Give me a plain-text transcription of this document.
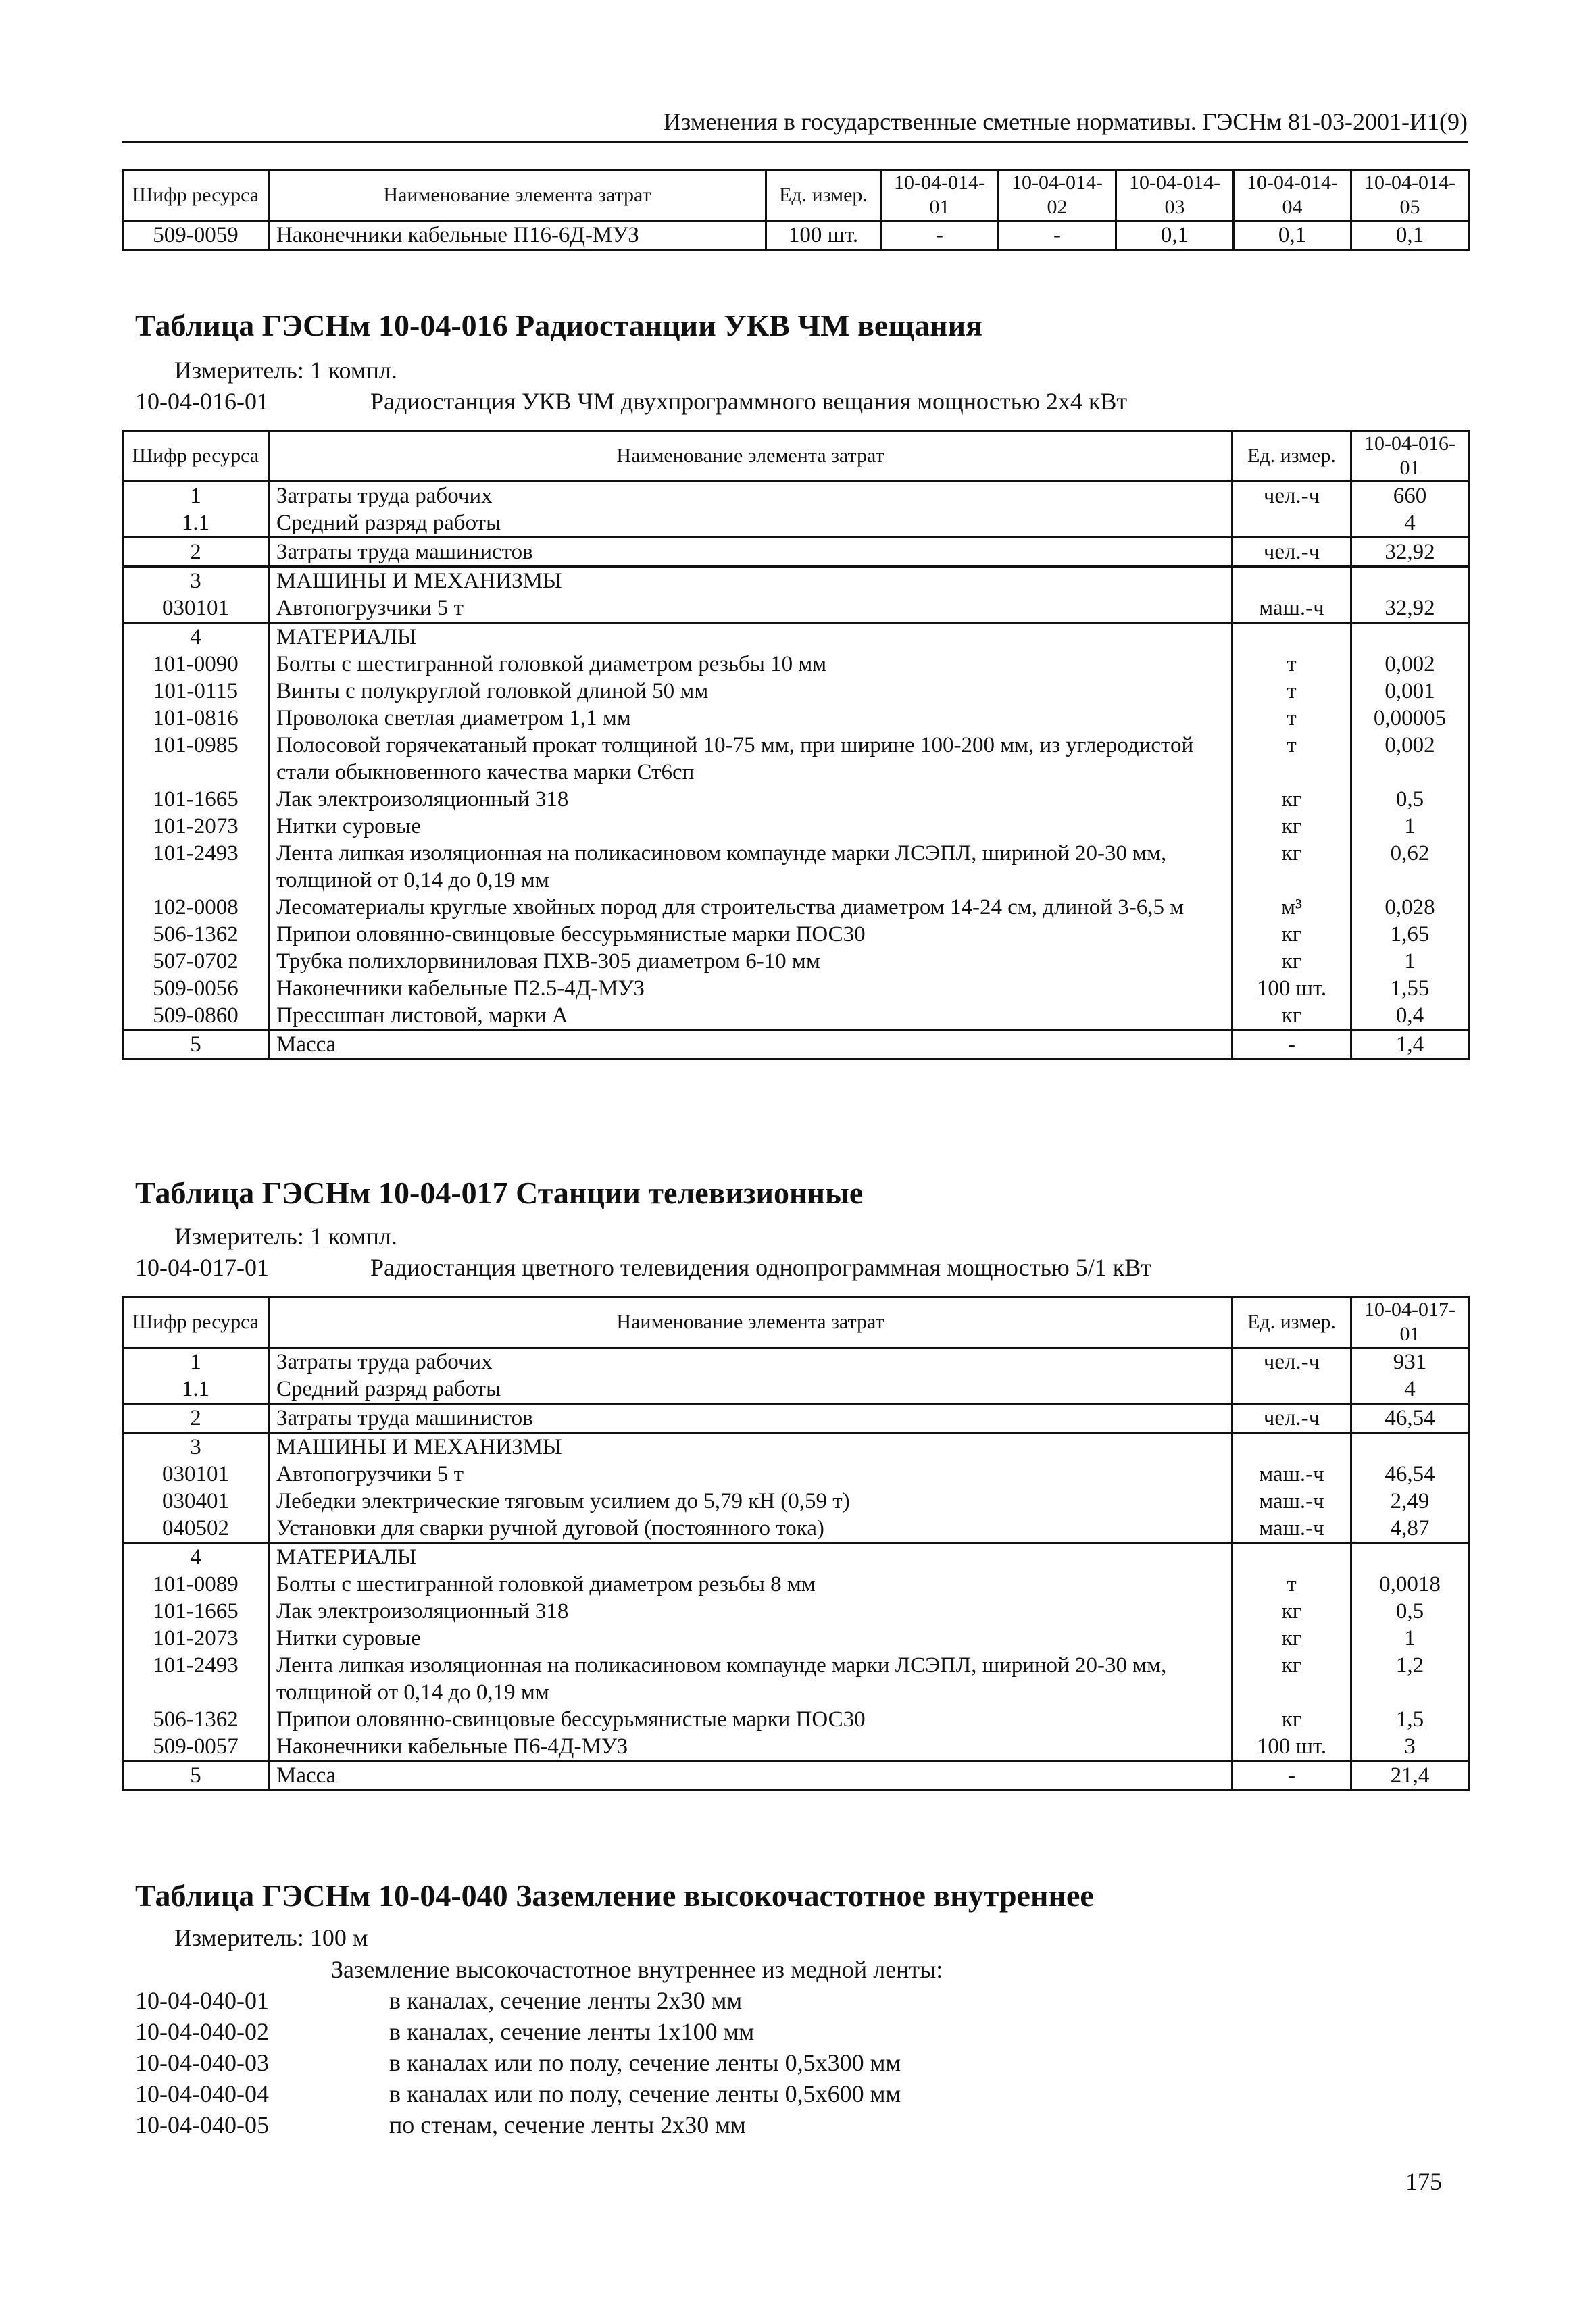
Изменения в государственные сметные нормативы. ГЭСНм 81-03-2001-И1(9)
Шифр ресурса	Наименование элемента затрат	Ед. измер.	10-04-014-01	10-04-014-02	10-04-014-03	10-04-014-04	10-04-014-05
509-0059	Наконечники кабельные П16-6Д-МУЗ	100 шт.	-	-	0,1	0,1	0,1
Таблица ГЭСНм 10-04-016 Радиостанции УКВ ЧМ вещания
Измеритель: 1 компл.
10-04-016-01	Радиостанция УКВ ЧМ двухпрограммного вещания мощностью 2х4 кВт
Шифр ресурса	Наименование элемента затрат	Ед. измер.	10-04-016-01
1	Затраты труда рабочих	чел.-ч	660
1.1	Средний разряд работы		4
2	Затраты труда машинистов	чел.-ч	32,92
3	МАШИНЫ И МЕХАНИЗМЫ		
030101	Автопогрузчики 5 т	маш.-ч	32,92
4	МАТЕРИАЛЫ		
101-0090	Болты с шестигранной головкой диаметром резьбы 10 мм	т	0,002
101-0115	Винты с полукруглой головкой длиной 50 мм	т	0,001
101-0816	Проволока светлая диаметром 1,1 мм	т	0,00005
101-0985	Полосовой горячекатаный прокат толщиной 10-75 мм, при ширине 100-200 мм, из углеродистой стали обыкновенного качества марки Ст6сп	т	0,002
101-1665	Лак электроизоляционный 318	кг	0,5
101-2073	Нитки суровые	кг	1
101-2493	Лента липкая изоляционная на поликасиновом компаунде марки ЛСЭПЛ, шириной 20-30 мм, толщиной от 0,14 до 0,19 мм	кг	0,62
102-0008	Лесоматериалы круглые хвойных пород для строительства диаметром 14-24 см, длиной 3-6,5 м	м³	0,028
506-1362	Припои оловянно-свинцовые бессурьмянистые марки ПОС30	кг	1,65
507-0702	Трубка полихлорвиниловая ПХВ-305 диаметром 6-10 мм	кг	1
509-0056	Наконечники кабельные П2.5-4Д-МУЗ	100 шт.	1,55
509-0860	Прессшпан листовой, марки А	кг	0,4
5	Масса	-	1,4
Таблица ГЭСНм 10-04-017 Станции телевизионные
Измеритель: 1 компл.
10-04-017-01	Радиостанция цветного телевидения однопрограммная мощностью 5/1 кВт
Шифр ресурса	Наименование элемента затрат	Ед. измер.	10-04-017-01
1	Затраты труда рабочих	чел.-ч	931
1.1	Средний разряд работы		4
2	Затраты труда машинистов	чел.-ч	46,54
3	МАШИНЫ И МЕХАНИЗМЫ		
030101	Автопогрузчики 5 т	маш.-ч	46,54
030401	Лебедки электрические тяговым усилием до 5,79 кН (0,59 т)	маш.-ч	2,49
040502	Установки для сварки ручной дуговой (постоянного тока)	маш.-ч	4,87
4	МАТЕРИАЛЫ		
101-0089	Болты с шестигранной головкой диаметром резьбы 8 мм	т	0,0018
101-1665	Лак электроизоляционный 318	кг	0,5
101-2073	Нитки суровые	кг	1
101-2493	Лента липкая изоляционная на поликасиновом компаунде марки ЛСЭПЛ, шириной 20-30 мм, толщиной от 0,14 до 0,19 мм	кг	1,2
506-1362	Припои оловянно-свинцовые бессурьмянистые марки ПОС30	кг	1,5
509-0057	Наконечники кабельные П6-4Д-МУЗ	100 шт.	3
5	Масса	-	21,4
Таблица ГЭСНм 10-04-040 Заземление высокочастотное внутреннее
Измеритель: 100 м
Заземление высокочастотное внутреннее из медной ленты:
10-04-040-01	в каналах, сечение ленты 2х30 мм
10-04-040-02	в каналах, сечение ленты 1х100 мм
10-04-040-03	в каналах или по полу, сечение ленты 0,5х300 мм
10-04-040-04	в каналах или по полу, сечение ленты 0,5х600 мм
10-04-040-05	по стенам, сечение ленты 2х30 мм
175
